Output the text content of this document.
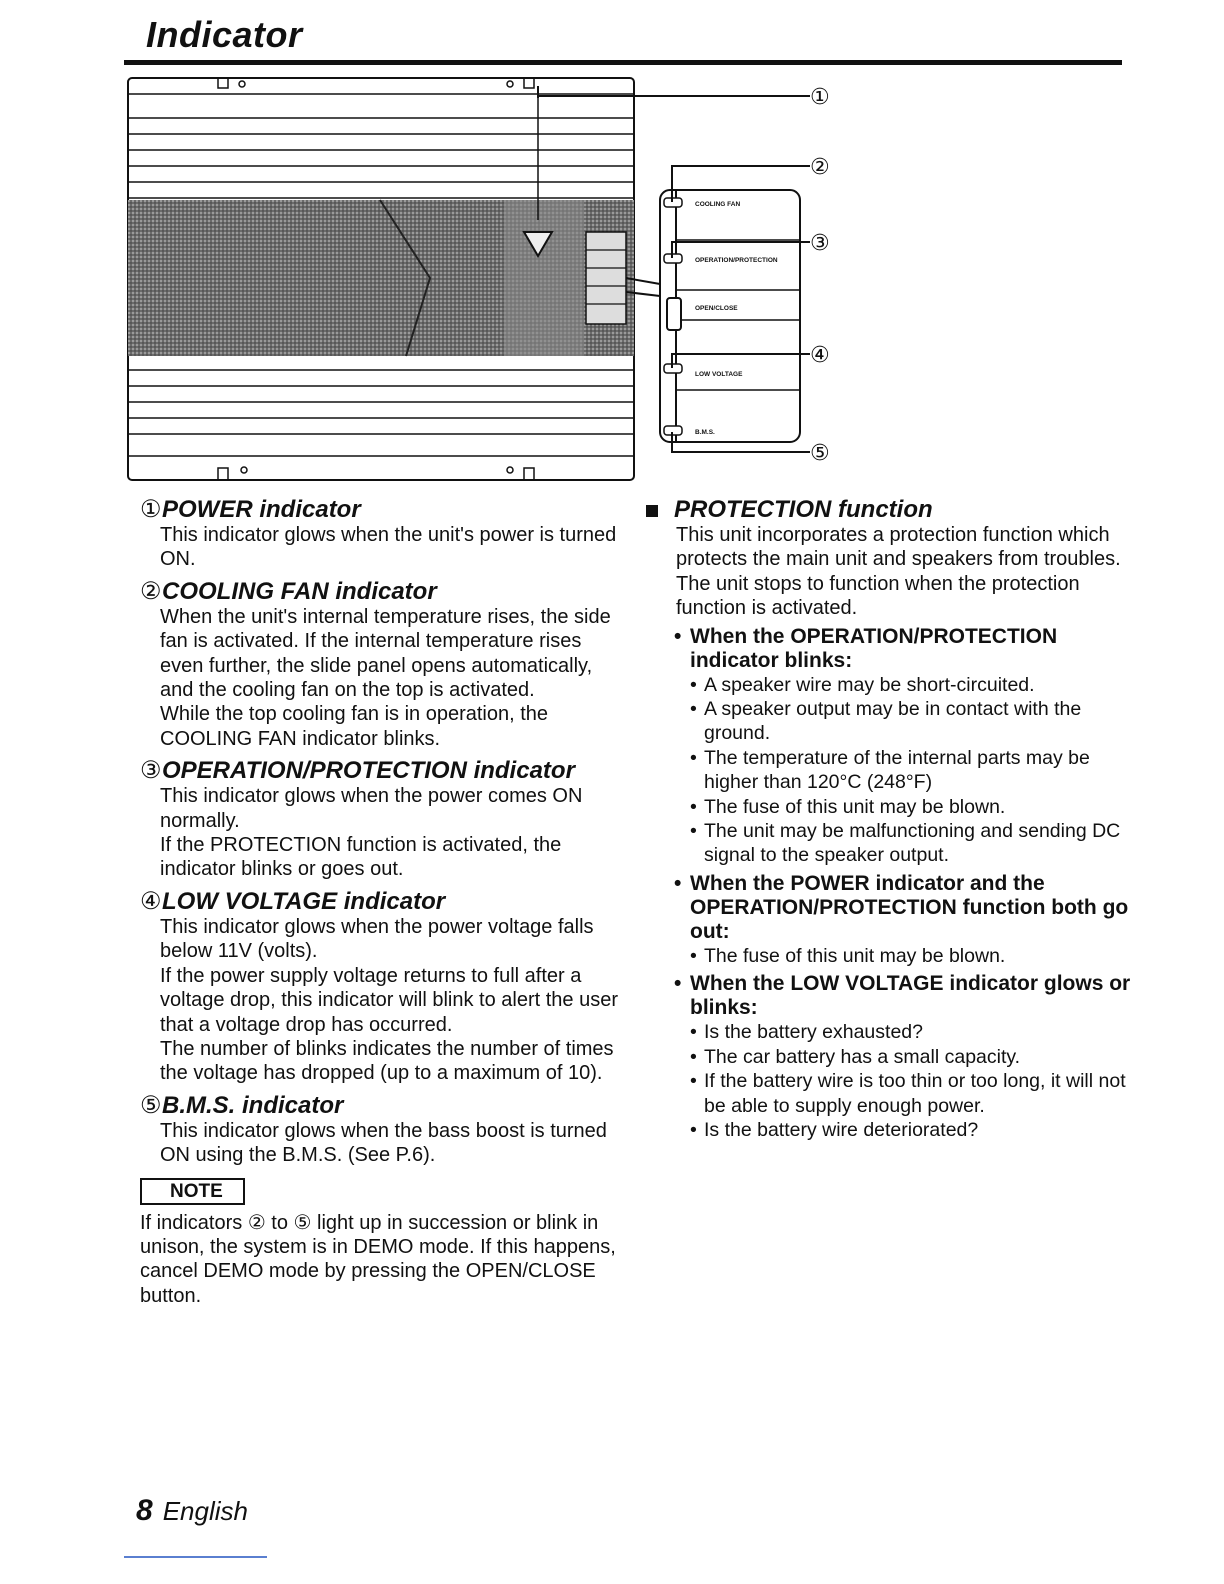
Indicator
COOLING FAN
OPERATION/PROTECTION
OPEN/CLOSE
LOW VOLTAGE
B.M.S.
①
②
③
④
⑤
① POWER indicator

This indicator glows when the unit's power is turned ON.

② COOLING FAN indicator

When the unit's internal temperature rises, the side fan is activated. If the internal temperature rises even further, the slide panel opens automatically, and the cooling fan on the top is activated.

While the top cooling fan is in operation, the COOLING FAN indicator blinks.

③ OPERATION/PROTECTION indicator

This indicator glows when the power comes ON normally.

If the PROTECTION function is activated, the indicator blinks or goes out.

④ LOW VOLTAGE indicator

This indicator glows when the power voltage falls below 11V (volts).

If the power supply voltage returns to full after a voltage drop, this indicator will blink to alert the user that a voltage drop has occurred.

The number of blinks indicates the number of times the voltage has dropped (up to a maximum of 10).

⑤ B.M.S. indicator

This indicator glows when the bass boost is turned ON using the B.M.S. (See P.6).

NOTE
If indicators ② to ⑤ light up in succession or blink in unison, the system is in DEMO mode. If this happens, cancel DEMO mode by pressing the OPEN/CLOSE button.
PROTECTION function

This unit incorporates a protection function which protects the main unit and speakers from troubles. The unit stops to function when the protection function is activated.

• When the OPERATION/PROTECTION indicator blinks:
• A speaker wire may be short-circuited.
• A speaker output may be in contact with the ground.
• The temperature of the internal parts may be higher than 120°C (248°F)
• The fuse of this unit may be blown.
• The unit may be malfunctioning and sending DC signal to the speaker output.
• When the POWER indicator and the OPERATION/PROTECTION function both go out:
• The fuse of this unit may be blown.
• When the LOW VOLTAGE indicator glows or blinks:
• Is the battery exhausted?
• The car battery has a small capacity.
• If the battery wire is too thin or too long, it will not be able to supply enough power.
• Is the battery wire deteriorated?
8 English
